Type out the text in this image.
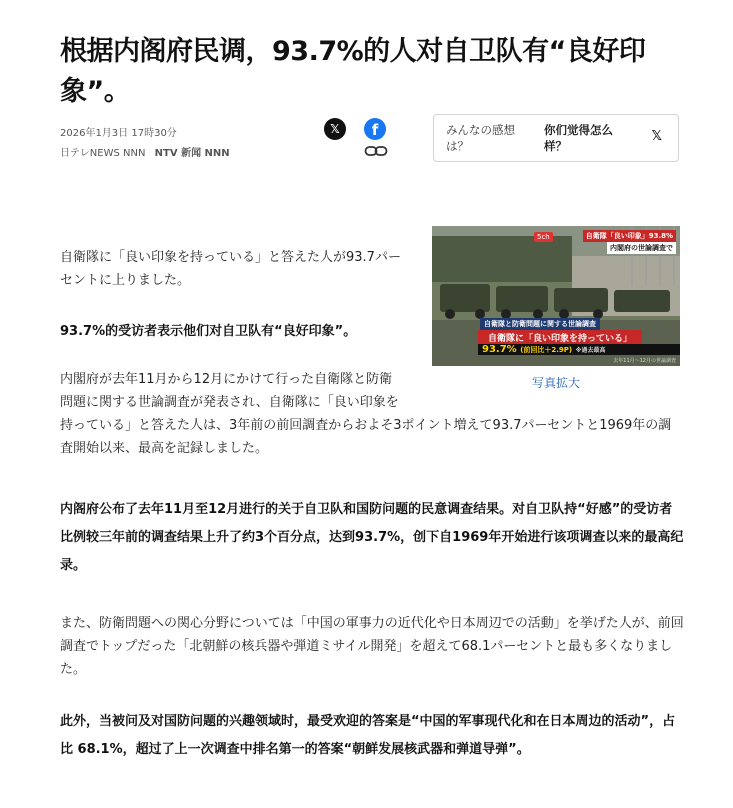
根据内阁府民调，93.7%的人对自卫队有“良好印象”。
2026年1月3日 17時30分
日テレNEWS NNN NTV 新闻 NNN
𝕏	f	みんなの感想は？
你们觉得怎么样？
𝕏
5ch	自衛隊「良い印象」93.8%
内閣府の世論調査で
自衛隊と防衛問題に関する世論調査
自衛隊に「良い印象を持っている」
93.7% (前回比＋2.9P) ※過去最高
去年11月〜12月の世論調査
写真拡大
自衛隊に「良い印象を持っている」と答えた人が93.7パーセントに上りました。
93.7%的受访者表示他们对自卫队有“良好印象”。
内閣府が去年11月から12月にかけて行った自衛隊と防衛問題に関する世論調査が発表され、自衛隊に「良い印象を持っている」と答えた人は、3年前の前回調査からおよそ3ポイント増えて93.7パーセントと1969年の調査開始以来、最高を記録しました。
内阁府公布了去年11月至12月进行的关于自卫队和国防问题的民意调查结果。对自卫队持“好感”的受访者比例较三年前的调查结果上升了约3个百分点，达到93.7%，创下自1969年开始进行该项调查以来的最高纪录。
また、防衛問題への関心分野については「中国の軍事力の近代化や日本周辺での活動」を挙げた人が、前回調査でトップだった「北朝鮮の核兵器や弾道ミサイル開発」を超えて68.1パーセントと最も多くなりました。
此外，当被问及对国防问题的兴趣领域时，最受欢迎的答案是“中国的军事现代化和在日本周边的活动”，占比 68.1%，超过了上一次调查中排名第一的答案“朝鲜发展核武器和弹道导弹”。
